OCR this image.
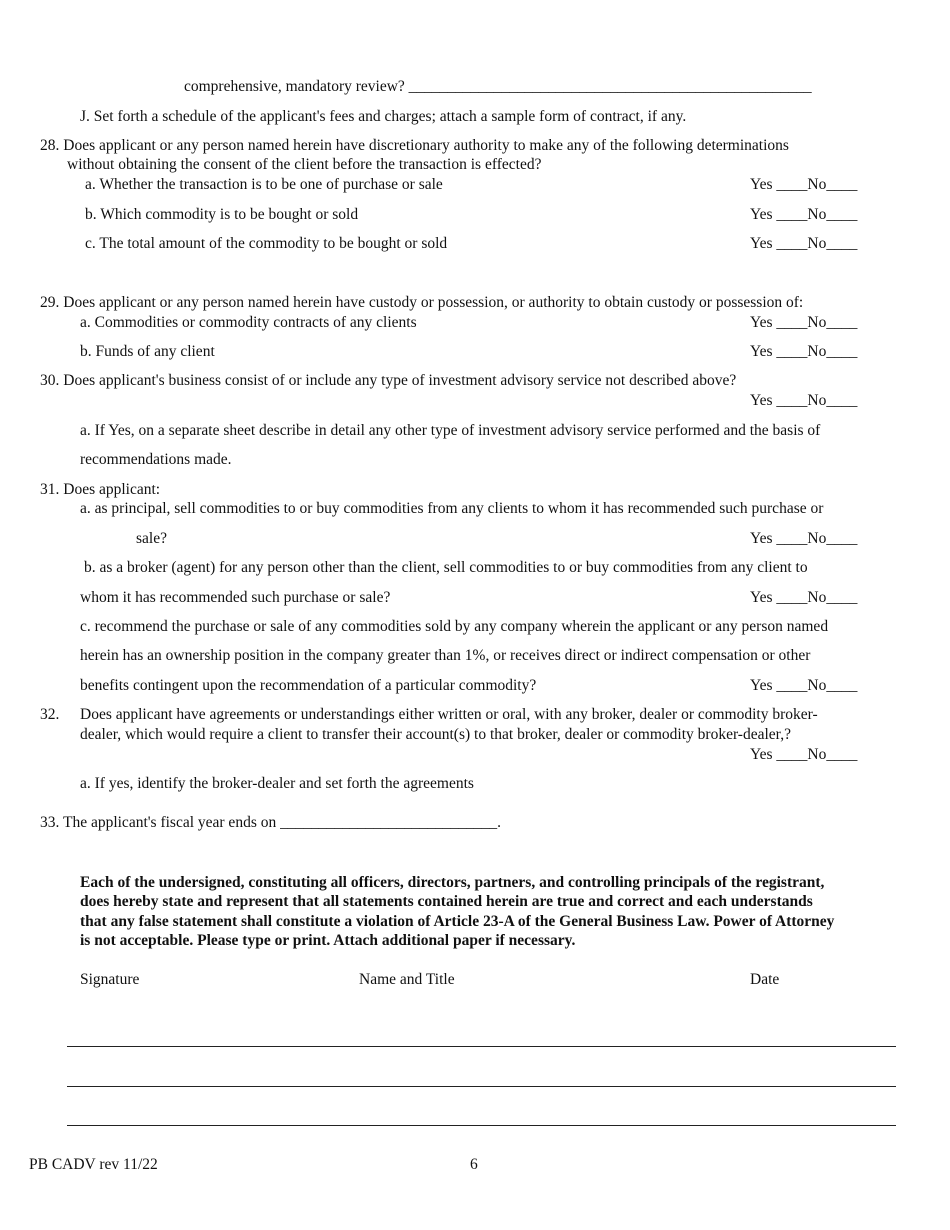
comprehensive, mandatory review? ____________________________________________________
J. Set forth a schedule of the applicant's fees and charges; attach a sample form of contract, if any.
28. Does applicant or any person named herein have discretionary authority to make any of the following determinations
without obtaining the consent of the client before the transaction is effected?
a. Whether the transaction is to be one of purchase or sale	Yes ____No____
b. Which commodity is to be bought or sold	Yes ____No____
c. The total amount of the commodity to be bought or sold	Yes ____No____
29. Does applicant or any person named herein have custody or possession, or authority to obtain custody or possession of:
a. Commodities or commodity contracts of any clients	Yes ____No____
b. Funds of any client	Yes ____No____
30. Does applicant's business consist of or include any type of investment advisory service not described above?
Yes ____No____
a. If Yes, on a separate sheet describe in detail any other type of investment advisory service performed and the basis of
recommendations made.
31. Does applicant:
a. as principal, sell commodities to or buy commodities from any clients to whom it has recommended such purchase or
sale?	Yes ____No____
b. as a broker (agent) for any person other than the client, sell commodities to or buy commodities from any client to
whom it has recommended such purchase or sale?	Yes ____No____
c. recommend the purchase or sale of any commodities sold by any company wherein the applicant or any person named
herein has an ownership position in the company greater than 1%, or receives direct or indirect compensation or other
benefits contingent upon the recommendation of a particular commodity?	Yes ____No____
32. Does applicant have agreements or understandings either written or oral, with any broker, dealer or commodity broker-
dealer, which would require a client to transfer their account(s) to that broker, dealer or commodity broker-dealer,?
Yes ____No____
a. If yes, identify the broker-dealer and set forth the agreements
33. The applicant's fiscal year ends on ____________________________.
Each of the undersigned, constituting all officers, directors, partners, and controlling principals of the registrant,
does hereby state and represent that all statements contained herein are true and correct and each understands
that any false statement shall constitute a violation of Article 23-A of the General Business Law. Power of Attorney
is not acceptable. Please type or print. Attach additional paper if necessary.
Signature	Name and Title	Date
PB CADV rev 11/22	6
